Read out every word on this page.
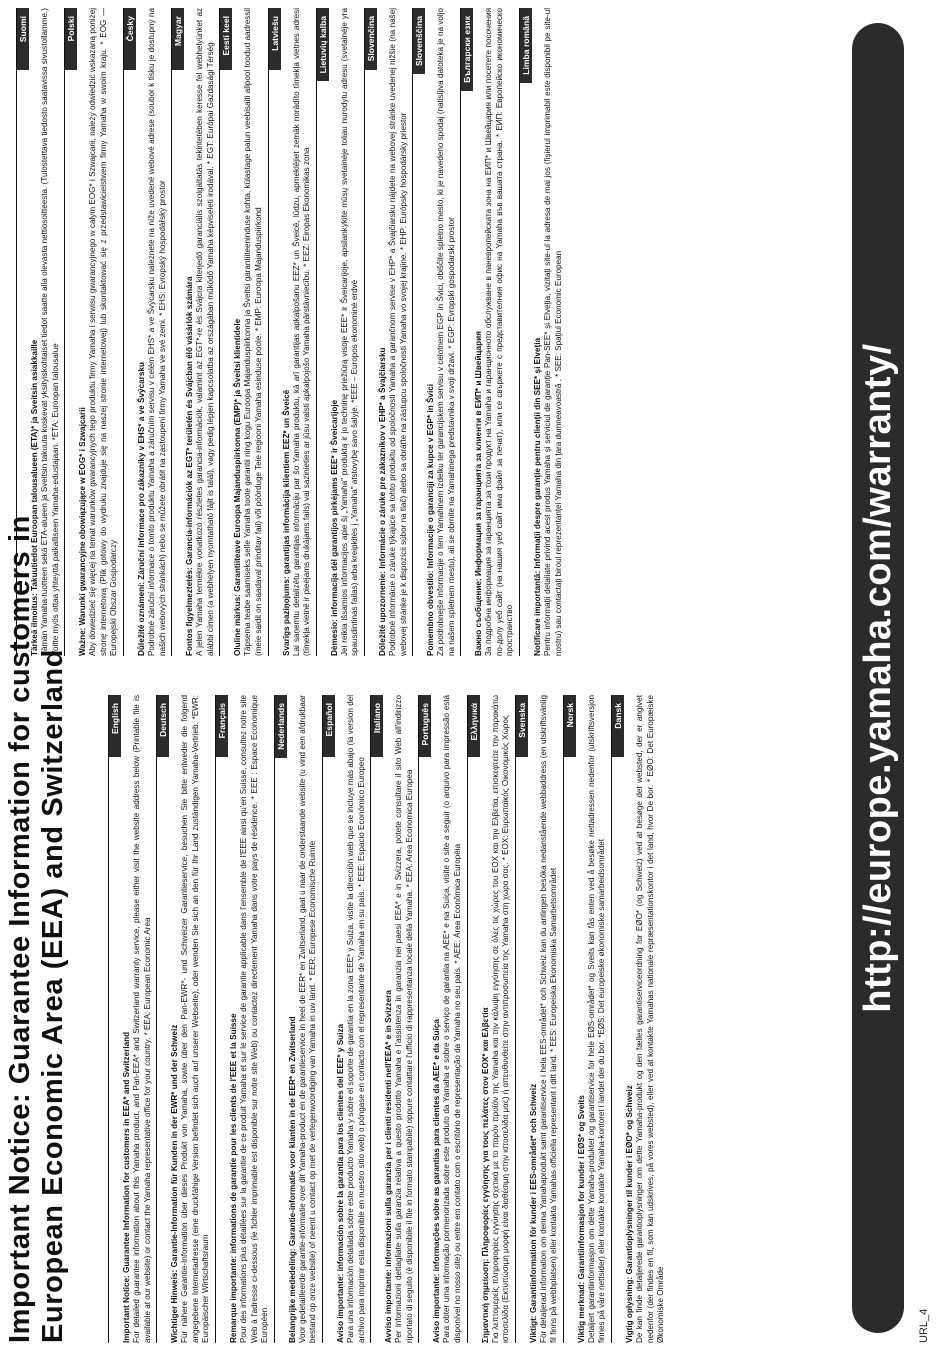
Important Notice: Guarantee Information for customers in European Economic Area (EEA) and Switzerland	English
Important Notice: Guarantee Information for customers in EEA* and Switzerland For detailed guarantee information about this Yamaha product, and Pan-EEA* and Switzerland warranty service, please either visit the website address below (Printable file is available at our website) or contact the Yamaha representative office for your country. * EEA: European Economic Area
Deutsch
Wichtiger Hinweis: Garantie-Information für Kunden in der EWR* und der Schweiz Für nähere Garantie-Information über dieses Produkt von Yamaha, sowie über den Pan-EWR*- und Schweizer Garantieservice, besuchen Sie bitte entweder die folgend angegebene Internetadresse (eine druckfähige Version befindet sich auch auf unserer Webseite), oder wenden Sie sich an den für Ihr Land zuständigen Yamaha-Vertrieb. *EWR: Europäischer Wirtschaftsraum
Français
Remarque importante: informations de garantie pour les clients de l'EEE et la Suisse Pour des informations plus détaillées sur la garantie de ce produit Yamaha et sur le service de garantie applicable dans l'ensemble de l'EEE ainsi qu'en Suisse, consultez notre site Web à l'adresse ci-dessous (le fichier imprimable est disponible sur notre site Web) ou contactez directement Yamaha dans votre pays de résidence. * EEE : Espace Economique Européen
Nederlands
Belangrijke mededeling: Garantie-informatie voor klanten in de EER* en Zwitserland Voor gedetailleerde garantie-informatie over dit Yamaha-product en de garantieservice in heel de EER* en Zwitserland, gaat u naar de onderstaande website (u vind een afdrukbaar bestand op onze website) of neemt u contact op met de vertegenwoordiging van Yamaha in uw land. * EER: Europese Economische Ruimte
Español
Aviso importante: información sobre la garantía para los clientes del EEE* y Suiza Para una información detallada sobre este producto Yamaha y sobre el soporte de garantía en la zona EEE* y Suiza, visite la dirección web que se incluye más abajo (la version del archivo para imprimir esta disponible en nuestro sitio web) o póngase en contacto con el representante de Yamaha en su país. * EEE: Espacio Económico Europeo
Italiano
Avviso importante: informazioni sulla garanzia per i clienti residenti nell'EEA* e in Svizzera Per informazioni dettagliate sulla garanzia relativa a questo prodotto Yamaha e l'assistenza in garanzia nei paesi EEA* e in Svizzera, potete consultare il sito Web all'indirizzo riportato di seguito (è disponibile il file in formato stampabile) oppure contattare l'ufficio di rappresentanza locale della Yamaha. * EEA: Area Economica Europea
Português
Aviso importante: informações sobre as garantias para clientes da AEE* e da Suíça Para obter uma informação pormenorizada sobre este produto da Yamaha e sobre o serviço de garantia na AEE* e na Suíça, visite o site a seguir (o arquivo para impressão está disponível no nosso site) ou entre em contato com o escritório de representação da Yamaha no seu país. * AEE: Área Econômica Européia
Ελληνικά
Σημαντική σημείωση: Πληροφορίες εγγύησης για τους πελάτες στον ΕΟΧ* και Ελβετία Για λεπτομερείς πληροφορίες εγγύησης σχετικά με το παρόν προϊόν της Yamaha και την κάλυψη εγγύησης σε όλες τις χώρες του ΕΟΧ και την Ελβετία, επισκεφτείτε την παρακάτω ιστοσελίδα (Εκτυπώσιμη μορφή είναι διαθέσιμη στην ιστοσελίδα μας) ή απευθυνθείτε στην αντιπροσωπεία της Yamaha στη χώρα σας. * ΕΟΧ: Ευρωπαϊκός Οικονομικός Χώρος Svenska
Viktigt: Garantiinformation för kunder i EES-området* och Schweiz För detaljerad information om denna Yamahaprodukt samt garantiservice i hela EES-området* och Schweiz kan du antingen besöka nedanstående webbaddress (en utskriftsvänlig fil finns på webbplatsen) eller kontakta Yamahas officiella representant i ditt land. * EES: Europeiska Ekonomiska Samarbetsområdet
Norsk
Viktig merknad: Garantiinformasjon for kunder i EØS* og Sveits Detaljert garantiinformasjon om dette Yamaha-produktet og garantiservice for hele EØS-området* og Sveits kan fås enten ved å besøke nettadressen nedenfor (utskriftsversjon finnes på våre nettsider) eller kontakte kontakte Yamaha-kontoret i landet der du bor. *EØS: Det europeiske økonomiske samarbeidsområdet
Dansk
Vigtig oplysning: Garantioplysninger til kunder i EØO* og Schweiz De kan finde detaljerede garantioplysninger om dette Yamaha-produkt og den fælles garantiserviceordning for EØO* (og Schweiz) ved at besøge det websted, der er angivet nedenfor (der findes en fil, som kan udskrives, på vores websted), eller ved at kontakte Yamahas nationale repræsentationskontor i det land, hvor De bor. * EØO: Det Europæiske Økonomiske Område
Suomi
Tärkeä ilmoitus: Takuutiedot Euroopan talousalueen (ETA)* ja Sveitsin asiakkaille Tämän Yamaha-tuotteen sekä ETA-alueen ja Sveitsin takuuta koskevat yksityiskohtaiset tiedot saatte alla olevasta nettiosoitteesta. (Tulostettava tiedosto saatavissa sivustollamme.) Voitte myös ottaa yhteyttä paikalliseen Yamaha-edustajaan. *ETA: Euroopan talousalue
Polski
Ważne: Warunki gwarancyjne obowiązujące w EOG* i Szwajcarii Aby dowiedzieć się więcej na temat warunków gwarancyjnych tego produktu firmy Yamaha i serwisu gwarancyjnego w całym EOG* i Szwajcarii, należy odwiedzić wskazaną poniżej stronę internetową (Plik gotowy do wydruku znajduje się na naszej stronie internetowej) lub skontaktować się z przedstawicielstwem firmy Yamaha w swoim kraju. * EOG — Europejski Obszar Gospodarczy
Česky
Důležité oznámení: Záruční informace pro zákazníky v EHS* a ve Švýcarsku Podrobné záruční informace o tomto produktu Yamaha a záručním servisu v celém EHS* a ve Švýcarsku naleznete na níže uvedené webové adrese (soubor k tisku je dostupný na našich webových stránkách) nebo se můžete obrátit na zastoupení firmy Yamaha ve své zemi. * EHS: Evropský hospodářský prostor
Magyar
Fontos figyelmeztetés: Garancia-információk az EGT* területén és Svájcban élő vásárlók számára A jelen Yamaha termékre vonatkozó részletes garancia-információk, valamint az EGT*-re és Svájcra kiterjedő garanciális szolgáltatás tekintetében keresse fel webhelyünket az alábbi címen (a webhelyen nyomtatható fájlt is talál), vagy pedig lépjen kapcsolatba az országában működő Yamaha képviseleti irodával. * EGT: Európai Gazdasági Térség
Eesti keel
Oluline märkus: Garantiiteave Euroopa Majanduspiirkonna (EMP)* ja Šveitsi klientidele Täpsema teabe saamiseks selle Yamaha toote garantii ning kogu Euroopa Majanduspiirkonna ja Šveitsi garantiiteeninduse kohta, külastage palun veebisaiti allpool toodud aadressil (meie saidil on saadaval prinditav fail) või pöörduge Teie regiooni Yamaha esinduse poole. * EMP: Euroopa Majanduspiirkond
Latviešu
Svarīgs paziņojums: garantijas informācija klientiem EEZ* un Šveicē Lai saņemtu detalizētu garantijas informāciju par šo Yamaha produktu, kā arī garantijas apkalpošanu EEZ* un Šveicē, lūdzu, apmeklējiet zemāk norādīto tīmekļa vietnes adresi (tīmekļa vietnē ir pieejams drukājams fails) vai sazinieties ar jūsu valsti apkalpojošo Yamaha pārstāvniecību. * EEZ: Eiropas Ekonomikas zona
Lietuvių kalba
Dėmesio: informacija dėl garantijos pirkėjams EEE* ir Šveicarijoje Jei reikia išsamios informacijos apie šį „Yamaha" produktą ir jo techninę priežiūrą visoje EEE* ir Šveicarijoje, apsilankykite mūsų svetainėje toliau nurodytu adresu (svetainėje yra spausdintinas failas) arba kreipkitės į „Yamaha" atstovybę savo šalyje. *EEE – Europos ekonominė erdvė
Slovenčina
Dôležité upozornenie: Informácie o záruke pre zákazníkov v EHP* a Švajčiarsku Podrobné informácie o záruke týkajúce sa tohto produktu od spoločnosti Yamaha a garančnom servise v EHP* a Švajčiarsku nájdete na webovej stránke uvedenej nižšie (na našej webovej stránke je k dispozícii súbor na tlač) alebo sa obráťte na zástupcu spoločnosti Yamaha vo svojej krajine. * EHP: Európsky hospodársky priestor
Slovenščina
Pomembno obvestilo: Informacije o garanciji za kupce v EGP* in Švici Za podrobnejše informacije o tem Yamahinem izdelku ter garancijskem servisu v celotnem EGP in Švici, obiščite spletno mesto, ki je navedeno spodaj (natisljiva datoteka je na voljo na našem spletnem mestu), ali se obrnite na Yamahinega predstavnika v svoji državi. * EGP: Evropski gospodarski prostor
Български език
Важно съобщение: Информация за гаранцията за клиенти в ЕИП* и Швейцария За подробна информация за гаранцията за този продукт на Yamaha и гаранционното обслужване в паневропейската зона на ЕИП* и Швейцария или посетете посочения по-долу уеб сайт (на нашия уеб сайт има файл за печат), или се свържете с представителния офис на Yamaha във вашата страна. * ЕИП: Европейско икономическо пространство
Limba română
Notificare importantă: Informaţii despre garanţie pentru clienţii din SEE* şi Elveţia Pentru informaţii detaliate privind acest produs Yamaha şi serviciul de garanţie Pan-SEE* şi Elveţia, vizitaţi site-ul la adresa de mai jos (fişierul imprimabil este disponibil pe site-ul nostru) sau contactaţi biroul reprezentanţei Yamaha din ţara dumneavoastră . * SEE: Spaţiul Economic European	http://europe.yamaha.com/warranty/
URL_4
